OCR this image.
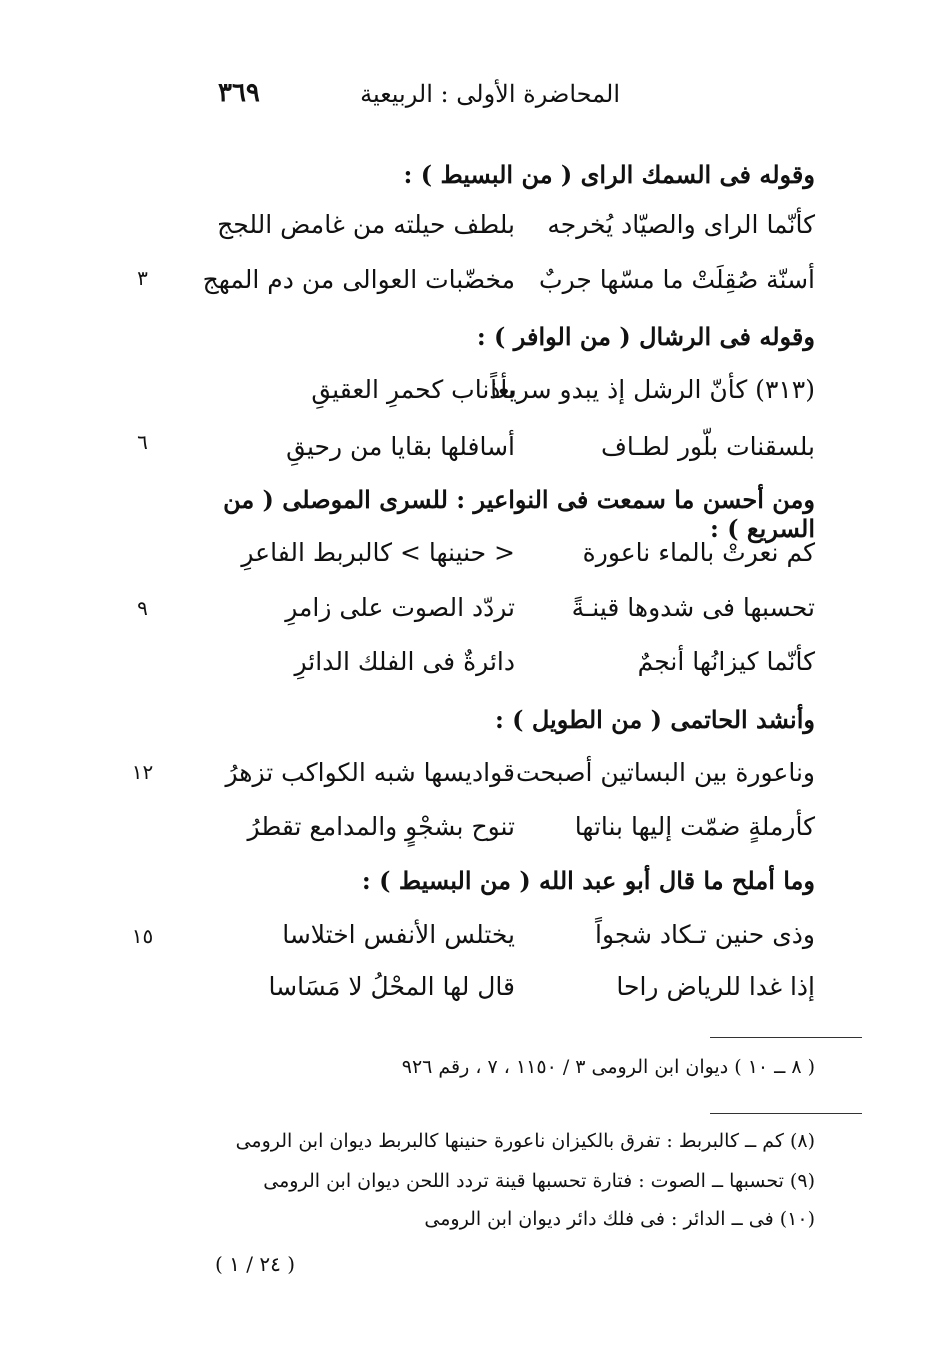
٣٦٩	المحاضرة الأولى : الربيعية
وقوله فى السمك الراى ( من البسيط ) :
كأنّما الراى والصيّاد يُخرجه
بلطف حيلته من غامض اللجج
أسنّة صُقِلَتْ ما مسّها جربٌ
مخضّبات العوالى من دم المهج
٣
وقوله فى الرشال ( من الوافر ) :
(٣١٣) كأنّ الرشل إذ يبدو سريعاً
بأذناب كحمرِ العقيقِ
بلسقنات بلّور لطـاف
أسافلها بقايا من رحيقِ
٦
ومن أحسن ما سمعت فى النواعير : للسرى الموصلى ( من السريع ) :
كم نعرتْ بالماء ناعورة
< حنينها > كالبربط الفاعرِ
تحسبها فى شدوها قينـةً
تردّد الصوت على زامرِ
٩
كأنّما كيزانُها أنجمٌ
دائرةٌ فى الفلك الدائرِ
وأنشد الحاتمى ( من الطويل ) :
وناعورة بين البساتين أصبحت
قواديسها شبه الكواكب تزهرُ
١٢
كأرملةٍ ضمّت إليها بناتها
تنوح بشجْوٍ والمدامع تقطرُ
وما أملح ما قال أبو عبد الله ( من البسيط ) :
وذى حنين تـكاد شجواً
يختلس الأنفس اختلاسا
١٥
إذا غدا للرياض راحا
قال لها المحْلُ لا مَسَاسا
( ٨ ــ ١٠ ) ديوان ابن الرومى ٣ / ١١٥٠ ، ٧ ، رقم ٩٢٦
(٨) كم ــ كالبربط : تفرق بالكيزان ناعورة حنينها كالبربط ديوان ابن الرومى
(٩) تحسبها ــ الصوت : فتارة تحسبها قينة تردد اللحن ديوان ابن الرومى
(١٠) فى ــ الدائر : فى فلك دائر ديوان ابن الرومى
( ٢٤ / ١ )
